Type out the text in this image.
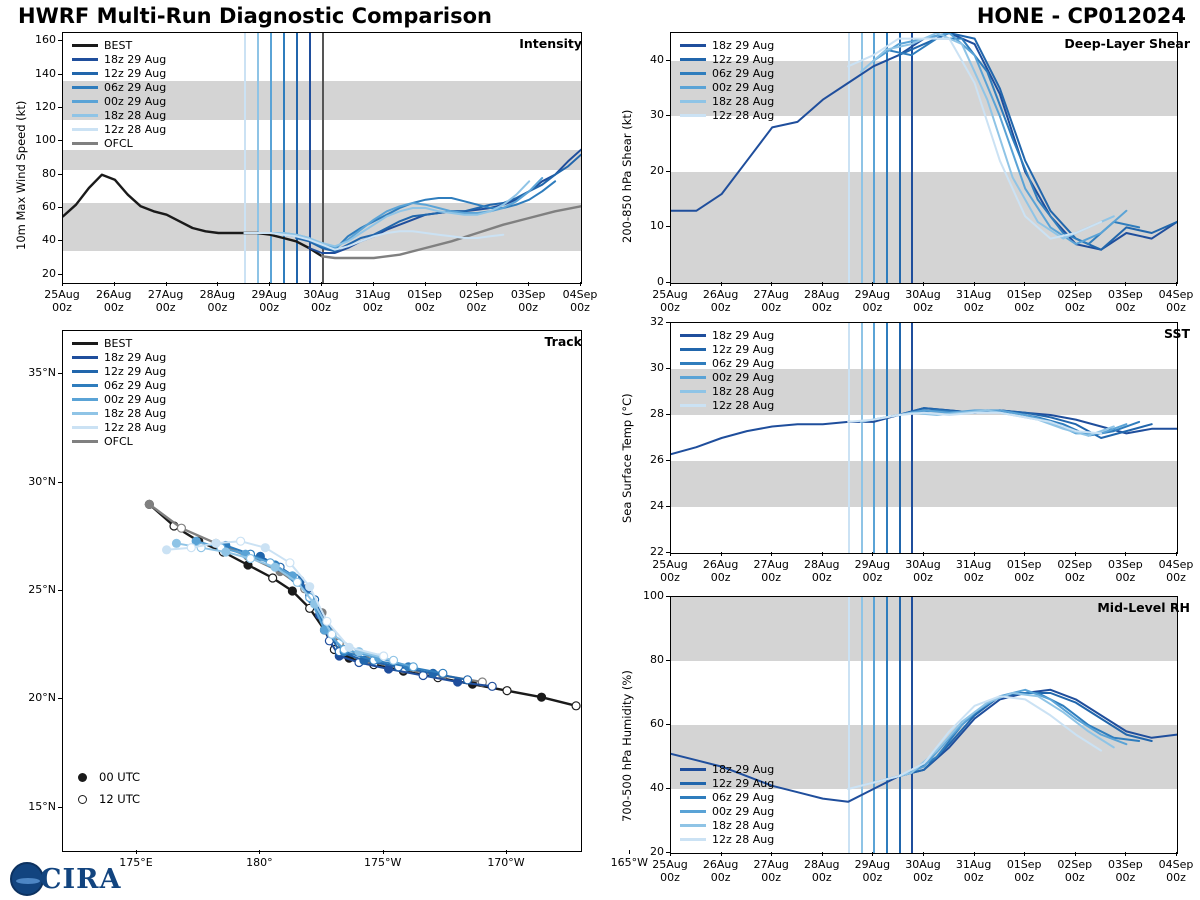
HWRF Multi-Run Diagnostic Comparison	HONE - CP012024
Intensity
10m Max Wind Speed (kt)
BEST
18z 29 Aug
12z 29 Aug
06z 29 Aug
00z 29 Aug
18z 28 Aug
12z 28 Aug
OFCL
20
40
60
80
100
120
140
160
25Aug
00z
26Aug
00z
27Aug
00z
28Aug
00z
29Aug
00z
30Aug
00z
31Aug
00z
01Sep
00z
02Sep
00z
03Sep
00z
04Sep
00z
Track
BEST
18z 29 Aug
12z 29 Aug
06z 29 Aug
00z 29 Aug
18z 28 Aug
12z 28 Aug
OFCL
00 UTC
12 UTC
15°N
20°N
25°N
30°N
35°N
175°E	180°	175°W	170°W	165°W
Deep-Layer Shear
200-850 hPa Shear (kt)
18z 29 Aug
12z 29 Aug
06z 29 Aug
00z 29 Aug
18z 28 Aug
12z 28 Aug
0
10
20
30
40
25Aug
00z
26Aug
00z
27Aug
00z
28Aug
00z
29Aug
00z
30Aug
00z
31Aug
00z
01Sep
00z
02Sep
00z
03Sep
00z
04Sep
00z
SST
Sea Surface Temp (°C)
18z 29 Aug
12z 29 Aug
06z 29 Aug
00z 29 Aug
18z 28 Aug
12z 28 Aug
22
24
26
28
30
32
25Aug
00z
26Aug
00z
27Aug
00z
28Aug
00z
29Aug
00z
30Aug
00z
31Aug
00z
01Sep
00z
02Sep
00z
03Sep
00z
04Sep
00z
Mid-Level RH
700-500 hPa Humidity (%)	18z 29 Aug
12z 29 Aug
06z 29 Aug
00z 29 Aug
18z 28 Aug
12z 28 Aug
20
40
60
80
100
25Aug
00z
26Aug
00z
27Aug
00z
28Aug
00z
29Aug
00z
30Aug
00z
31Aug
00z
01Sep
00z
02Sep
00z
03Sep
00z
04Sep
00z
CIRA
